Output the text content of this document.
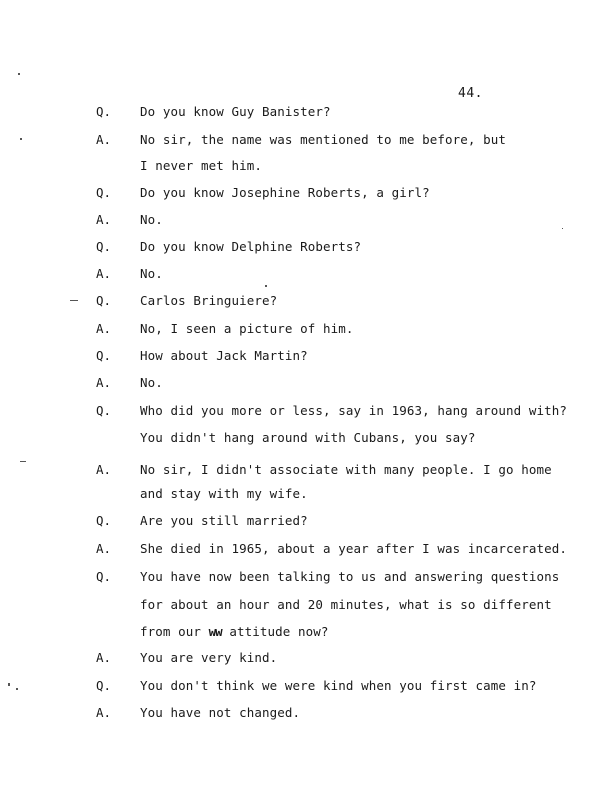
44.
Q. Do you know Guy Banister?
A. No sir, the name was mentioned to me before, but
I never met him.
Q. Do you know Josephine Roberts, a girl?
A. No.
Q. Do you know Delphine Roberts?
A. No.
Q. Carlos Bringuiere?
A. No, I seen a picture of him.
Q. How about Jack Martin?
A. No.
Q. Who did you more or less, say in 1963, hang around with?
You didn't hang around with Cubans, you say?
A. No sir, I didn't associate with many people. I go home
and stay with my wife.
Q. Are you still married?
A. She died in 1965, about a year after I was incarcerated.
Q. You have now been talking to us and answering questions
for about an hour and 20 minutes, what is so different
from our ww attitude now?
A. You are very kind.
Q. You don't think we were kind when you first came in?
A. You have not changed.
